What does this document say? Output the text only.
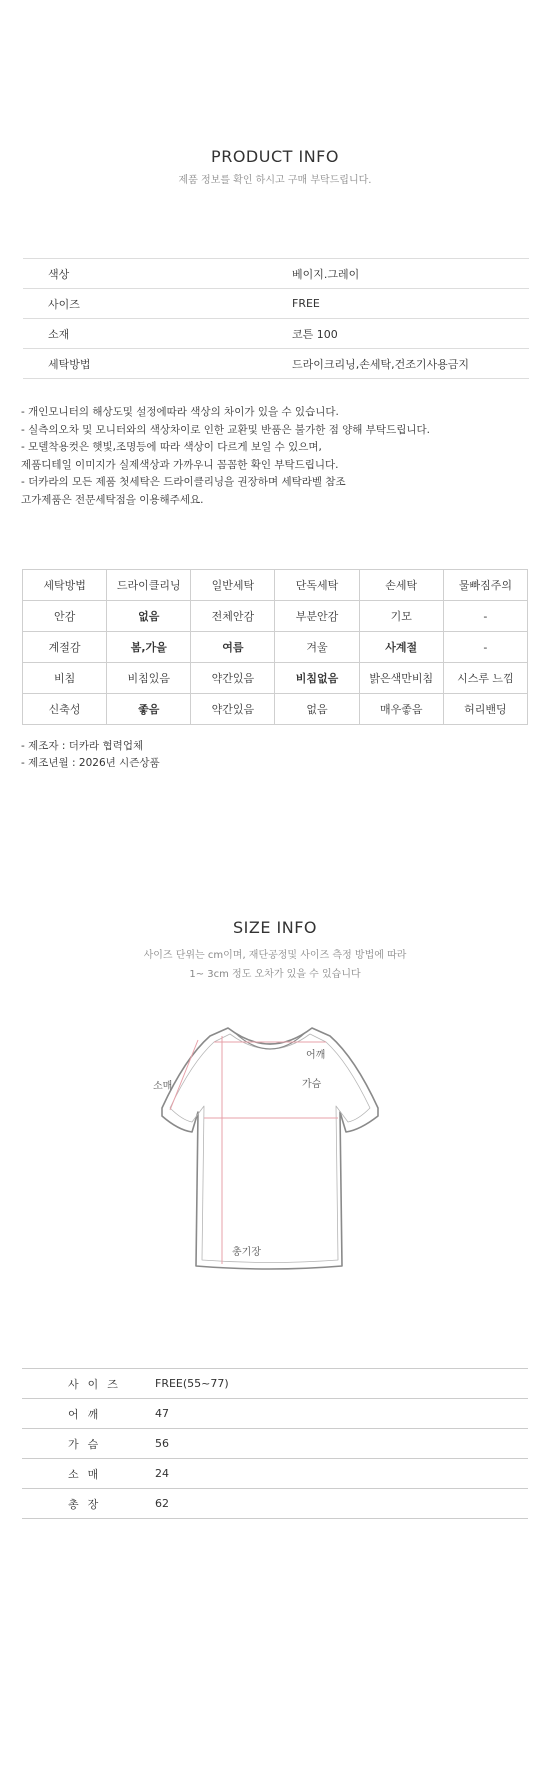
PRODUCT INFO

제품 정보를 확인 하시고 구매 부탁드립니다.

색상	베이지.그레이
사이즈	FREE
소재	코튼 100
세탁방법	드라이크리닝,손세탁,건조기사용금지
- 개인모니터의 해상도및 설정에따라 색상의 차이가 있을 수 있습니다.
- 실측의오차 및 모니터와의 색상차이로 인한 교환및 반품은 불가한 점 양해 부탁드립니다.
- 모델착용컷은 햇빛,조명등에 따라 색상이 다르게 보일 수 있으며,
제품디테일 이미지가 실제색상과 가까우니 꼼꼼한 확인 부탁드립니다.
- 더카라의 모든 제품 첫세탁은 드라이클리닝을 권장하며 세탁라벨 참조
고가제품은 전문세탁점을 이용해주세요.
세탁방법	드라이클리닝	일반세탁	단독세탁	손세탁	물빠짐주의
안감	없음	전체안감	부분안감	기모	-
계절감	봄,가을	여름	겨울	사계절	-
비침	비침있음	약간있음	비침없음	밝은색만비침	시스루 느낌
신축성	좋음	약간있음	없음	매우좋음	허리밴딩
- 제조자 : 더카라 협력업체
- 제조년월 : 2026년 시즌상품
SIZE INFO

사이즈 단위는 cm이며, 재단공정및 사이즈 측정 방법에 따라

1~ 3cm 정도 오차가 있을 수 있습니다

어깨
가슴
소매
총기장
사이즈	FREE(55~77)
어깨	47
가슴	56
소매	24
총장	62
